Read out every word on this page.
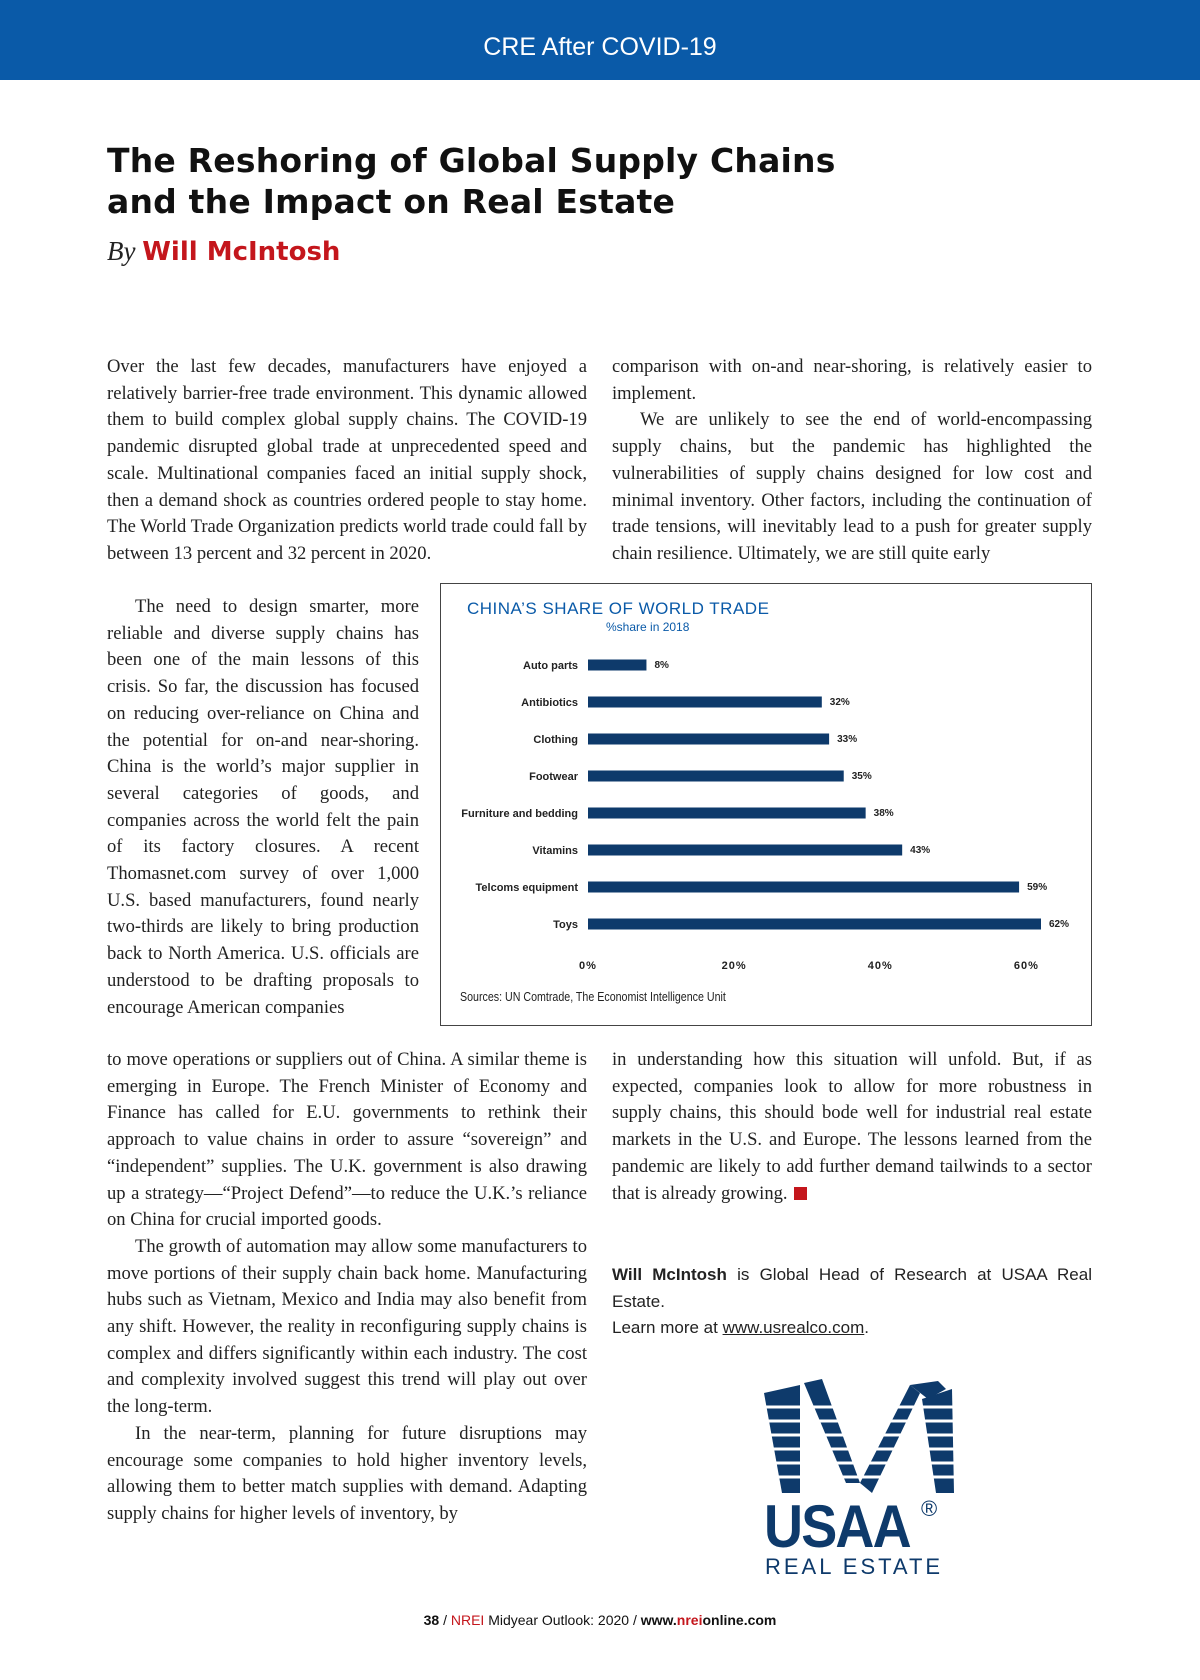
CRE After COVID-19
The Reshoring of Global Supply Chains
and the Impact on Real Estate
By Will McIntosh

Over the last few decades, manufacturers have enjoyed a relatively barrier-free trade environment. This dynamic allowed them to build complex global supply chains. The COVID-19 pandemic disrupted global trade at unprecedented speed and scale. Multinational companies faced an initial supply shock, then a demand shock as countries ordered people to stay home. The World Trade Organization predicts world trade could fall by between 13 percent and 32 percent in 2020.

The need to design smarter, more reliable and diverse supply chains has been one of the main lessons of this crisis. So far, the discussion has focused on reducing over-reliance on China and the potential for on-and near-shoring. China is the world’s major supplier in several categories of goods, and companies across the world felt the pain of its factory closures. A recent Thomasnet.com survey of over 1,000 U.S. based manufacturers, found nearly two-thirds are likely to bring production back to North America. U.S. officials are understood to be drafting proposals to encourage American companies

to move operations or suppliers out of China. A similar theme is emerging in Europe. The French Minister of Economy and Finance has called for E.U. governments to rethink their approach to value chains in order to assure “sovereign” and “independent” supplies. The U.K. government is also drawing up a strategy—“Project Defend”—to reduce the U.K.’s reliance on China for crucial imported goods.

The growth of automation may allow some manufacturers to move portions of their supply chain back home. Manufacturing hubs such as Vietnam, Mexico and India may also benefit from any shift. However, the reality in reconfiguring supply chains is complex and differs significantly within each industry. The cost and complexity involved suggest this trend will play out over the long-term.

In the near-term, planning for future disruptions may encourage some companies to hold higher inventory levels, allowing them to better match supplies with demand. Adapting supply chains for higher levels of inventory, by

comparison with on-and near-shoring, is relatively easier to implement.

We are unlikely to see the end of world-encompassing supply chains, but the pandemic has highlighted the vulnerabilities of supply chains designed for low cost and minimal inventory. Other factors, including the continuation of trade tensions, will inevitably lead to a push for greater supply chain resilience. Ultimately, we are still quite early

in understanding how this situation will unfold. But, if as expected, companies look to allow for more robustness in supply chains, this should bode well for industrial real estate markets in the U.S. and Europe. The lessons learned from the pandemic are likely to add further demand tailwinds to a sector that is already growing.

Will McIntosh is Global Head of Research at USAA Real Estate.
Learn more at www.usrealco.com.
CHINA’S SHARE OF WORLD TRADE
%share in 2018
Auto parts	8%
Antibiotics	32%
Clothing	33%
Footwear	35%
Furniture and bedding	38%
Vitamins	43%
Telcoms equipment	59%
Toys	62%
0%	20%	40%	60%
Sources: UN Comtrade, The Economist Intelligence Unit
USAA ®
REAL ESTATE
38 / NREI Midyear Outlook: 2020 / www.nreionline.com
